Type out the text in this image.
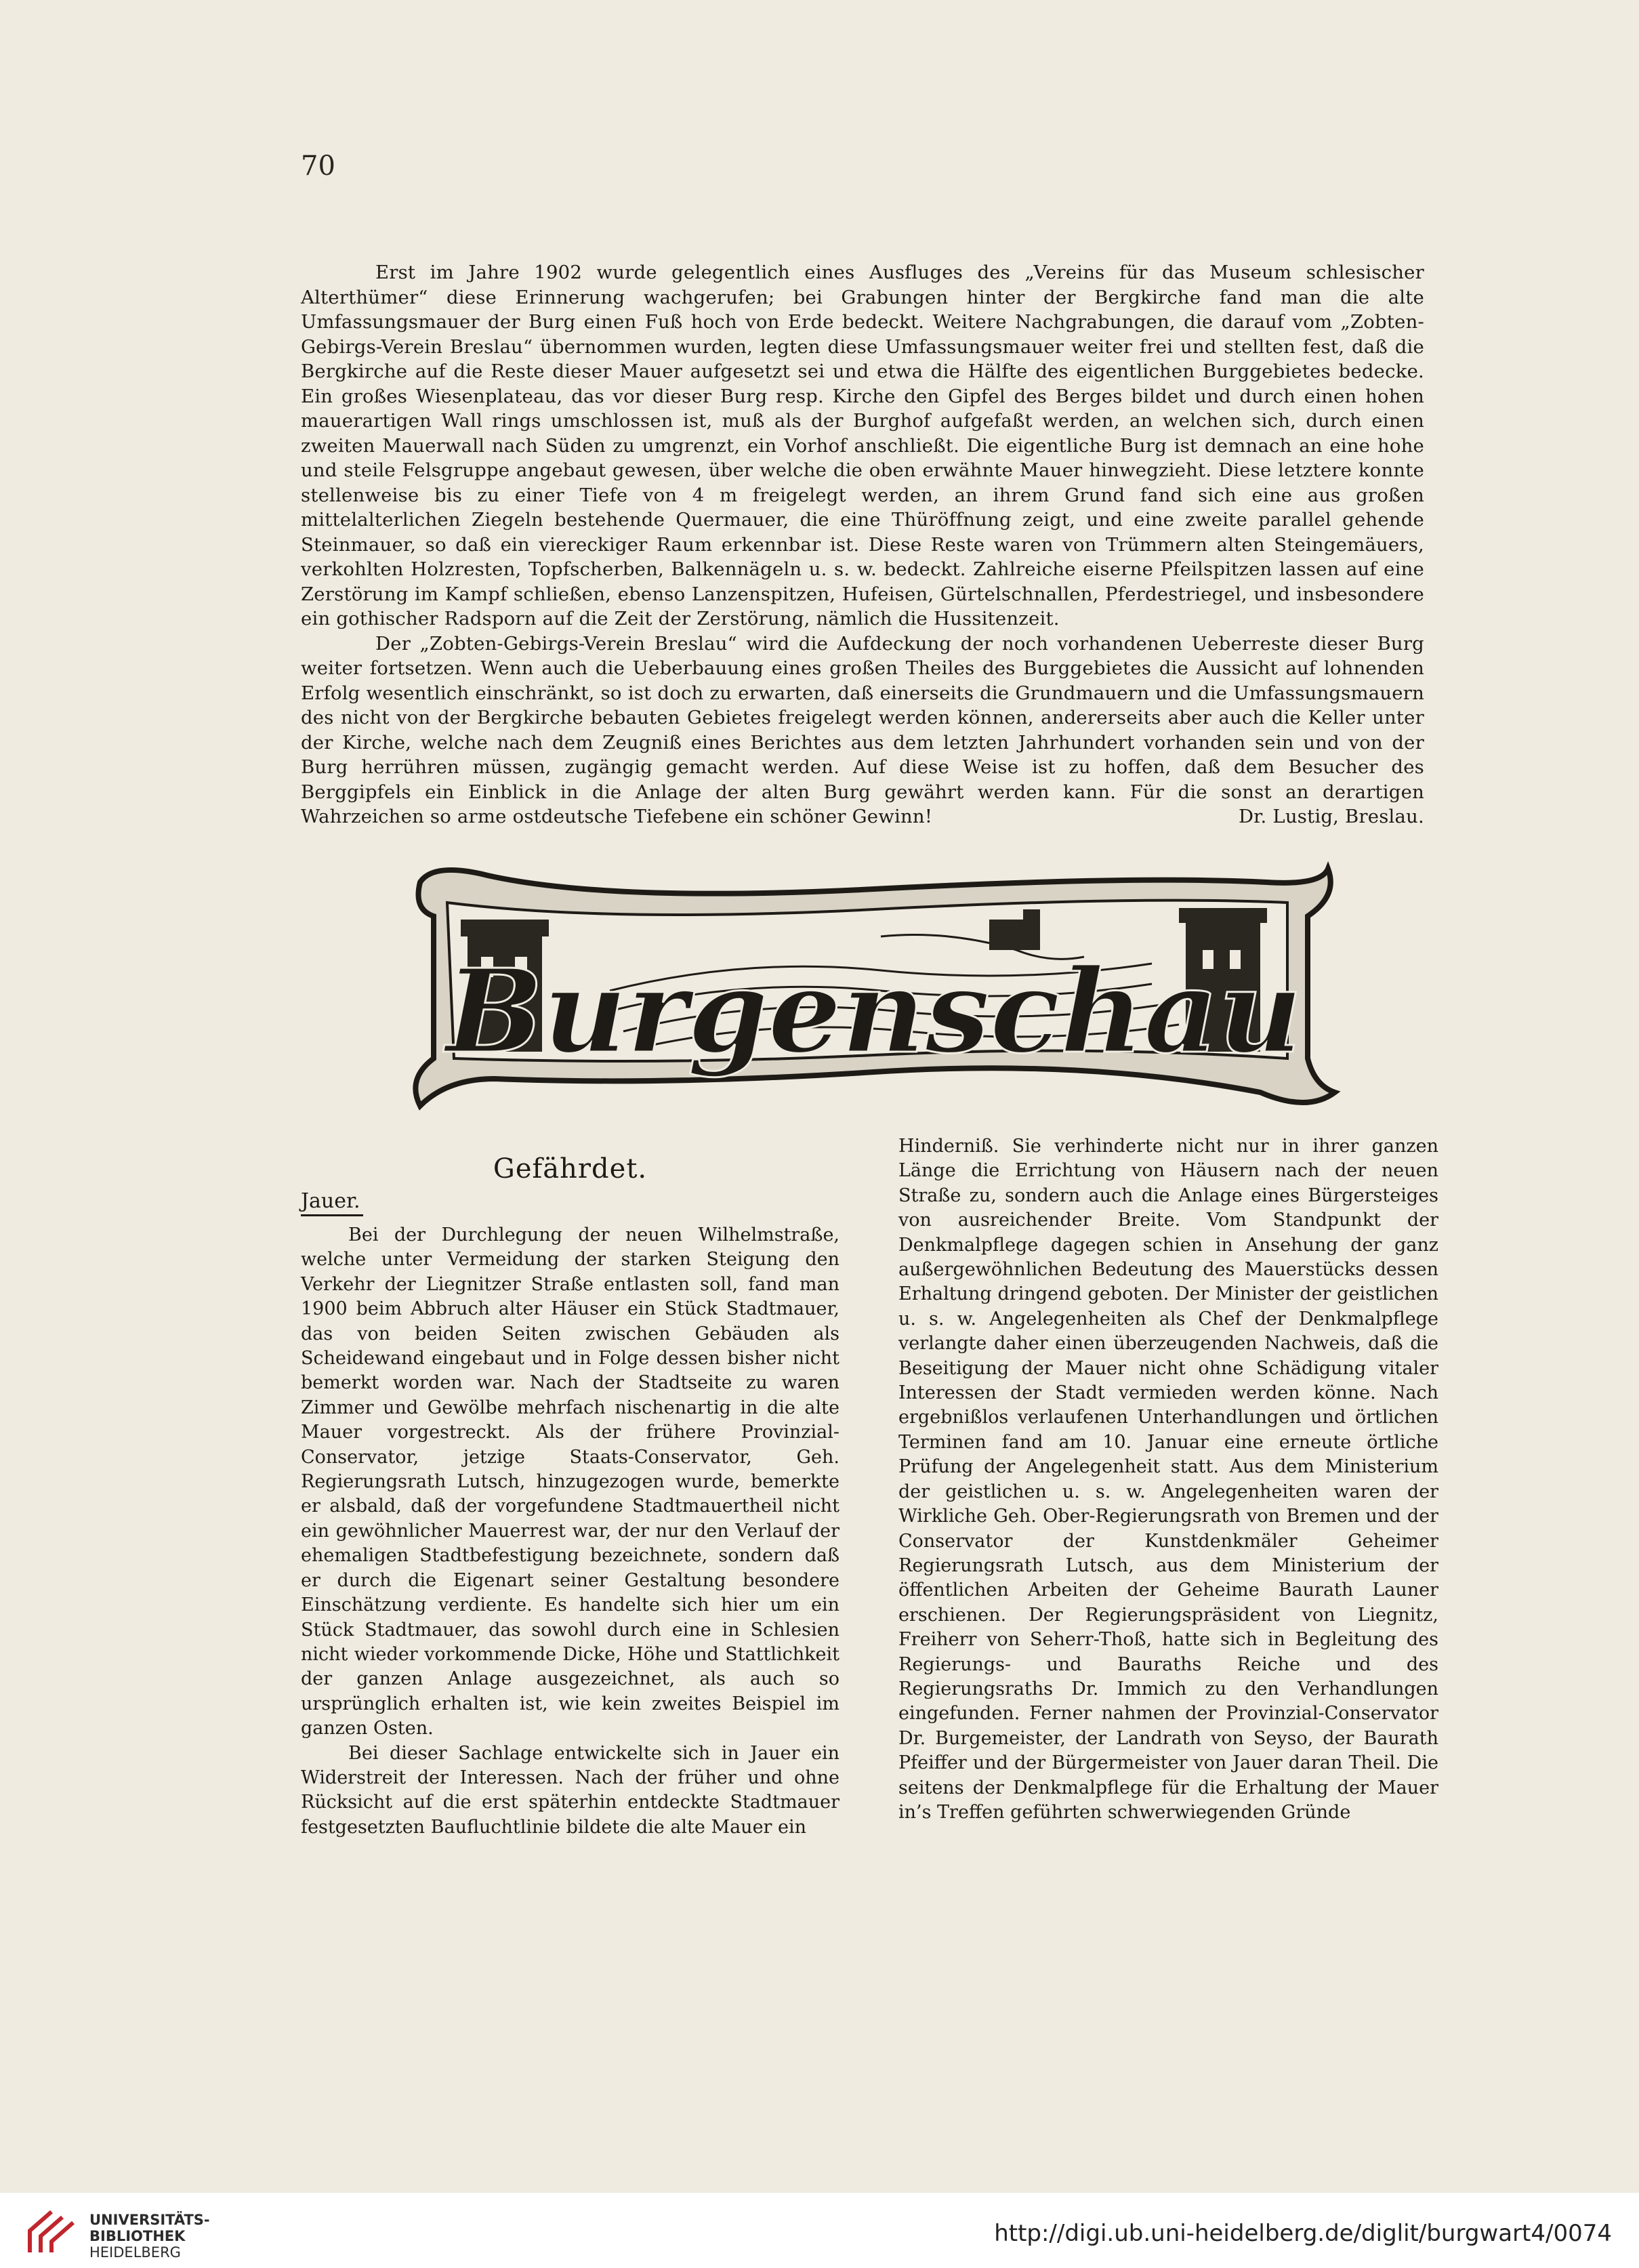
70

Erst im Jahre 1902 wurde gelegentlich eines Ausfluges des „Vereins für das Museum schlesischer Alterthümer“ diese Erinnerung wachgerufen; bei Grabungen hinter der Bergkirche fand man die alte Umfassungsmauer der Burg einen Fuß hoch von Erde bedeckt. Weitere Nachgrabungen, die darauf vom „Zobten-Gebirgs-Verein Breslau“ übernommen wurden, legten diese Umfassungsmauer weiter frei und stellten fest, daß die Bergkirche auf die Reste dieser Mauer aufgesetzt sei und etwa die Hälfte des eigentlichen Burggebietes bedecke. Ein großes Wiesenplateau, das vor dieser Burg resp. Kirche den Gipfel des Berges bildet und durch einen hohen mauerartigen Wall rings umschlossen ist, muß als der Burghof aufgefaßt werden, an welchen sich, durch einen zweiten Mauerwall nach Süden zu umgrenzt, ein Vorhof anschließt. Die eigentliche Burg ist demnach an eine hohe und steile Felsgruppe angebaut gewesen, über welche die oben erwähnte Mauer hinwegzieht. Diese letztere konnte stellenweise bis zu einer Tiefe von 4 m freigelegt werden, an ihrem Grund fand sich eine aus großen mittelalterlichen Ziegeln bestehende Quermauer, die eine Thüröffnung zeigt, und eine zweite parallel gehende Steinmauer, so daß ein viereckiger Raum erkennbar ist. Diese Reste waren von Trümmern alten Steingemäuers, verkohlten Holzresten, Topfscherben, Balkennägeln u. s. w. bedeckt. Zahlreiche eiserne Pfeilspitzen lassen auf eine Zerstörung im Kampf schließen, ebenso Lanzenspitzen, Hufeisen, Gürtelschnallen, Pferdestriegel, und insbesondere ein gothischer Radsporn auf die Zeit der Zerstörung, nämlich die Hussitenzeit.

Der „Zobten-Gebirgs-Verein Breslau“ wird die Aufdeckung der noch vorhandenen Ueberreste dieser Burg weiter fortsetzen. Wenn auch die Ueberbauung eines großen Theiles des Burggebietes die Aussicht auf lohnenden Erfolg wesentlich einschränkt, so ist doch zu erwarten, daß einerseits die Grundmauern und die Umfassungsmauern des nicht von der Bergkirche bebauten Gebietes freigelegt werden können, andererseits aber auch die Keller unter der Kirche, welche nach dem Zeugniß eines Berichtes aus dem letzten Jahrhundert vorhanden sein und von der Burg herrühren müssen, zugängig gemacht werden. Auf diese Weise ist zu hoffen, daß dem Besucher des Berggipfels ein Einblick in die Anlage der alten Burg gewährt werden kann. Für die sonst an derartigen Wahrzeichen so arme ostdeutsche Tiefebene ein schöner Gewinn!	Dr. Lustig, Breslau.

Burgenschau
Gefährdet.
Jauer.

Bei der Durchlegung der neuen Wilhelmstraße, welche unter Vermeidung der starken Steigung den Verkehr der Liegnitzer Straße entlasten soll, fand man 1900 beim Abbruch alter Häuser ein Stück Stadtmauer, das von beiden Seiten zwischen Gebäuden als Scheidewand eingebaut und in Folge dessen bisher nicht bemerkt worden war. Nach der Stadtseite zu waren Zimmer und Gewölbe mehrfach nischenartig in die alte Mauer vorgestreckt. Als der frühere Provinzial-Conservator, jetzige Staats-Conservator, Geh. Regierungsrath Lutsch, hinzugezogen wurde, bemerkte er alsbald, daß der vorgefundene Stadtmauertheil nicht ein gewöhnlicher Mauerrest war, der nur den Verlauf der ehemaligen Stadtbefestigung bezeichnete, sondern daß er durch die Eigenart seiner Gestaltung besondere Einschätzung verdiente. Es handelte sich hier um ein Stück Stadtmauer, das sowohl durch eine in Schlesien nicht wieder vorkommende Dicke, Höhe und Stattlichkeit der ganzen Anlage ausgezeichnet, als auch so ursprünglich erhalten ist, wie kein zweites Beispiel im ganzen Osten.

Bei dieser Sachlage entwickelte sich in Jauer ein Widerstreit der Interessen. Nach der früher und ohne Rücksicht auf die erst späterhin entdeckte Stadtmauer festgesetzten Baufluchtlinie bildete die alte Mauer ein

Hinderniß. Sie verhinderte nicht nur in ihrer ganzen Länge die Errichtung von Häusern nach der neuen Straße zu, sondern auch die Anlage eines Bürgersteiges von ausreichender Breite. Vom Standpunkt der Denkmalpflege dagegen schien in Ansehung der ganz außergewöhnlichen Bedeutung des Mauerstücks dessen Erhaltung dringend geboten. Der Minister der geistlichen u. s. w. Angelegenheiten als Chef der Denkmalpflege verlangte daher einen überzeugenden Nachweis, daß die Beseitigung der Mauer nicht ohne Schädigung vitaler Interessen der Stadt vermieden werden könne. Nach ergebnißlos verlaufenen Unterhandlungen und örtlichen Terminen fand am 10. Januar eine erneute örtliche Prüfung der Angelegenheit statt. Aus dem Ministerium der geistlichen u. s. w. Angelegenheiten waren der Wirkliche Geh. Ober-Regierungsrath von Bremen und der Conservator der Kunstdenkmäler Geheimer Regierungsrath Lutsch, aus dem Ministerium der öffentlichen Arbeiten der Geheime Baurath Launer erschienen. Der Regierungspräsident von Liegnitz, Freiherr von Seherr-Thoß, hatte sich in Begleitung des Regierungs- und Bauraths Reiche und des Regierungsraths Dr. Immich zu den Verhandlungen eingefunden. Ferner nahmen der Provinzial-Conservator Dr. Burgemeister, der Landrath von Seyso, der Baurath Pfeiffer und der Bürgermeister von Jauer daran Theil. Die seitens der Denkmalpflege für die Erhaltung der Mauer in’s Treffen geführten schwerwiegenden Gründe

UNIVERSITÄTS-
BIBLIOTHEK
HEIDELBERG
http://digi.ub.uni-heidelberg.de/diglit/burgwart4/0074
